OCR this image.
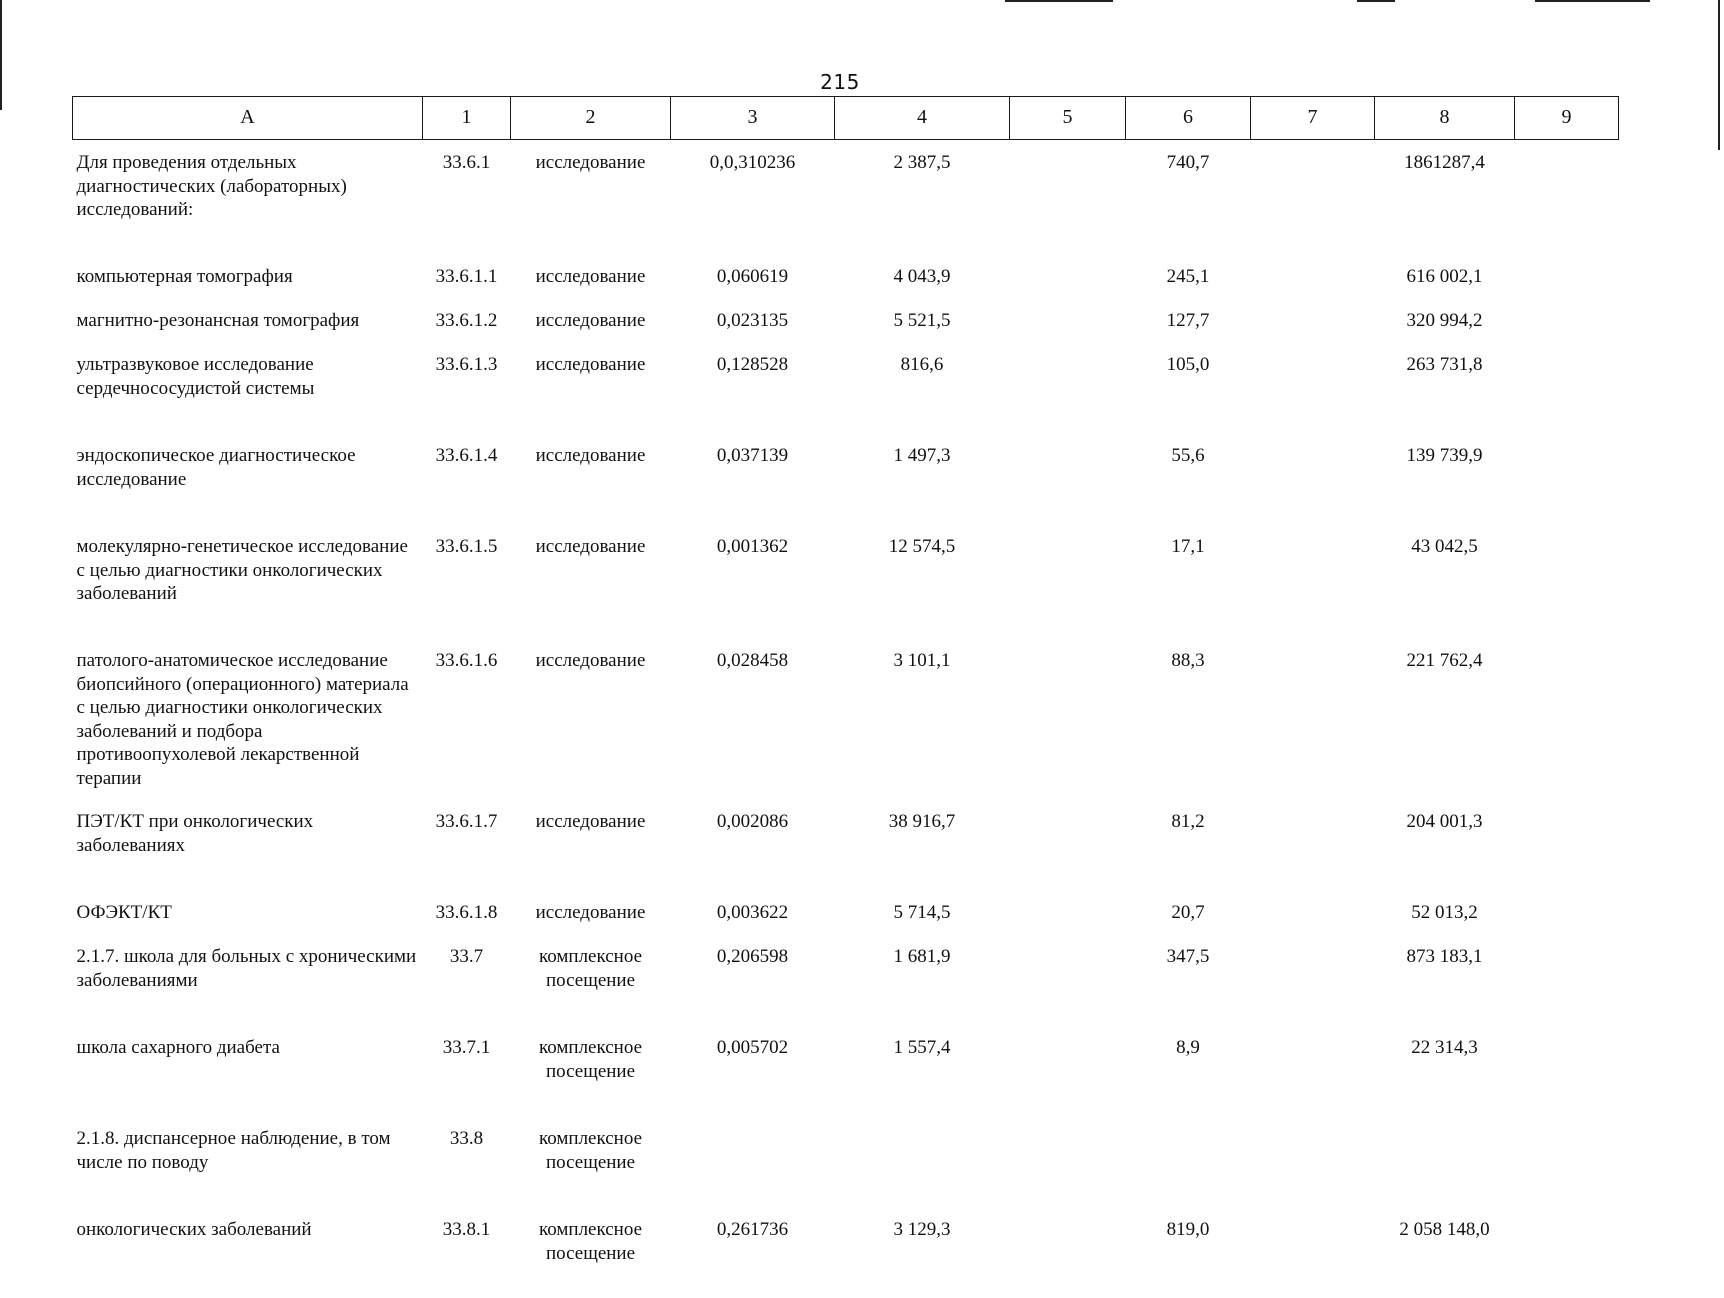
215
А	1	2	3	4	5	6	7	8	9
Для проведения отдельных диагностических (лабораторных) исследований:	33.6.1	исследование	0,0,310236	2 387,5		740,7		1861287,4	
компьютерная томография	33.6.1.1	исследование	0,060619	4 043,9		245,1		616 002,1	
магнитно-резонансная томография	33.6.1.2	исследование	0,023135	5 521,5		127,7		320 994,2	
ультразвуковое исследование сердечнососудистой системы	33.6.1.3	исследование	0,128528	816,6		105,0		263 731,8	
эндоскопическое диагностическое исследование	33.6.1.4	исследование	0,037139	1 497,3		55,6		139 739,9	
молекулярно-генетическое исследование с целью диагностики онкологических заболеваний	33.6.1.5	исследование	0,001362	12 574,5		17,1		43 042,5	
патолого-анатомическое исследование биопсийного (операционного) материала с целью диагностики онкологических заболеваний и подбора противоопухолевой лекарственной терапии	33.6.1.6	исследование	0,028458	3 101,1		88,3		221 762,4	
ПЭТ/КТ при онкологических заболеваниях	33.6.1.7	исследование	0,002086	38 916,7		81,2		204 001,3	
ОФЭКТ/КТ	33.6.1.8	исследование	0,003622	5 714,5		20,7		52 013,2	
2.1.7. школа для больных с хроническими заболеваниями	33.7	комплексное посещение	0,206598	1 681,9		347,5		873 183,1	
школа сахарного диабета	33.7.1	комплексное посещение	0,005702	1 557,4		8,9		22 314,3	
2.1.8. диспансерное наблюдение, в том числе по поводу	33.8	комплексное посещение							
онкологических заболеваний	33.8.1	комплексное посещение	0,261736	3 129,3		819,0		2 058 148,0	
